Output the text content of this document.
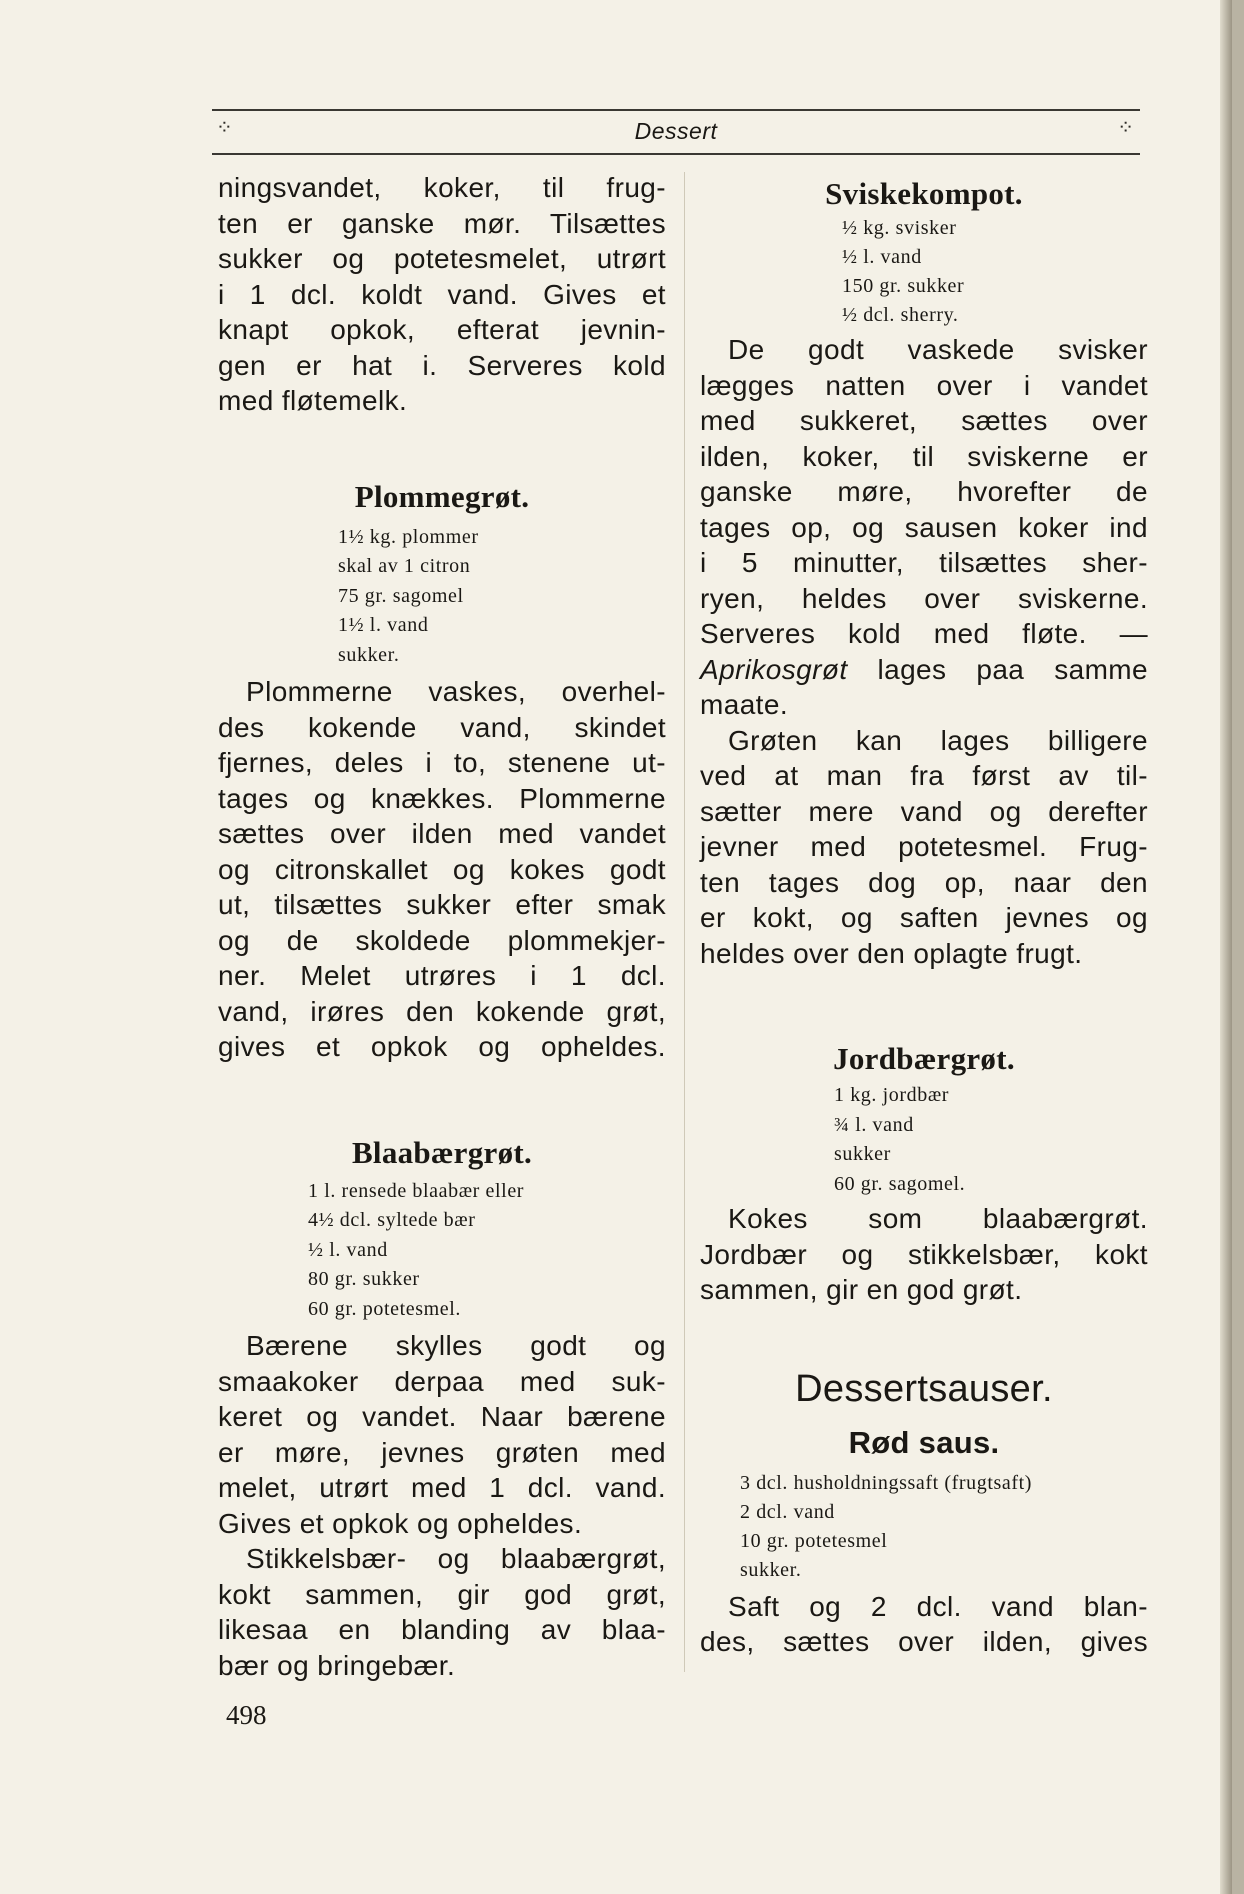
⁘	Dessert	⁘

ningsvandet, koker, til frug-
ten er ganske mør. Tilsættes
sukker og potetesmelet, utrørt
i 1 dcl. koldt vand. Gives et
knapt opkok, efterat jevnin-
gen er hat i. Serveres kold
med fløtemelk.

Plommegrøt.
1½ kg. plommer
skal av 1 citron
75 gr. sagomel
1½ l. vand
sukker.

Plommerne vaskes, overhel-
des kokende vand, skindet
fjernes, deles i to, stenene ut-
tages og knækkes. Plommerne
sættes over ilden med vandet
og citronskallet og kokes godt
ut, tilsættes sukker efter smak
og de skoldede plommekjer-
ner. Melet utrøres i 1 dcl.
vand, irøres den kokende grøt,
gives et opkok og opheldes.

Blaabærgrøt.
1 l. rensede blaabær eller
4½ dcl. syltede bær
½ l. vand
80 gr. sukker
60 gr. potetesmel.

Bærene skylles godt og
smaakoker derpaa med suk-
keret og vandet. Naar bærene
er møre, jevnes grøten med
melet, utrørt med 1 dcl. vand.
Gives et opkok og opheldes.

Stikkelsbær- og blaabærgrøt,
kokt sammen, gir god grøt,
likesaa en blanding av blaa-
bær og bringebær.

Sviskekompot.
½ kg. svisker
½ l. vand
150 gr. sukker
½ dcl. sherry.

De godt vaskede svisker
lægges natten over i vandet
med sukkeret, sættes over
ilden, koker, til sviskerne er
ganske møre, hvorefter de
tages op, og sausen koker ind
i 5 minutter, tilsættes sher-
ryen, heldes over sviskerne.
Serveres kold med fløte. —
Aprikosgrøt lages paa samme
maate.

Grøten kan lages billigere
ved at man fra først av til-
sætter mere vand og derefter
jevner med potetesmel. Frug-
ten tages dog op, naar den
er kokt, og saften jevnes og
heldes over den oplagte frugt.

Jordbærgrøt.
1 kg. jordbær
¾ l. vand
sukker
60 gr. sagomel.

Kokes som blaabærgrøt.
Jordbær og stikkelsbær, kokt
sammen, gir en god grøt.

Dessertsauser.
Rød saus.
3 dcl. husholdningssaft (frugtsaft)
2 dcl. vand
10 gr. potetesmel
sukker.

Saft og 2 dcl. vand blan-
des, sættes over ilden, gives

498
